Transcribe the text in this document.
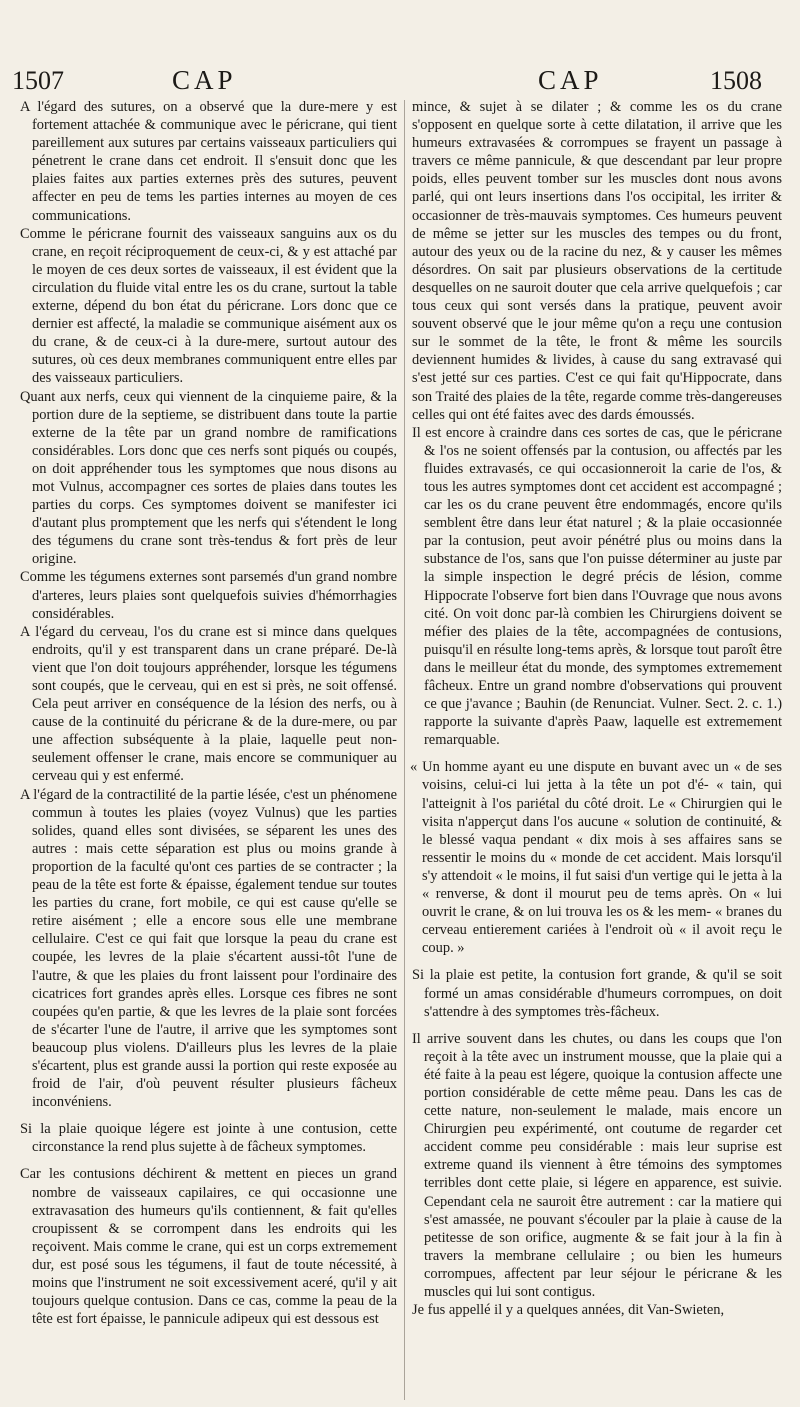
1507	CAP	CAP	1508

A l'égard des sutures, on a observé que la dure-mere y est fortement attachée & communique avec le péricrane, qui tient pareillement aux sutures par certains vaisseaux particuliers qui pénetrent le crane dans cet endroit. Il s'ensuit donc que les plaies faites aux parties externes près des sutures, peuvent affecter en peu de tems les parties internes au moyen de ces communications.

Comme le péricrane fournit des vaisseaux sanguins aux os du crane, en reçoit réciproquement de ceux-ci, & y est attaché par le moyen de ces deux sortes de vaisseaux, il est évident que la circulation du fluide vital entre les os du crane, surtout la table externe, dépend du bon état du péricrane. Lors donc que ce dernier est affecté, la maladie se communique aisément aux os du crane, & de ceux-ci à la dure-mere, surtout autour des sutures, où ces deux membranes communiquent entre elles par des vaisseaux particuliers.

Quant aux nerfs, ceux qui viennent de la cinquieme paire, & la portion dure de la septieme, se distribuent dans toute la partie externe de la tête par un grand nombre de ramifications considérables. Lors donc que ces nerfs sont piqués ou coupés, on doit appréhender tous les symptomes que nous disons au mot Vulnus, accompagner ces sortes de plaies dans toutes les parties du corps. Ces symptomes doivent se manifester ici d'autant plus promptement que les nerfs qui s'étendent le long des tégumens du crane sont très-tendus & fort près de leur origine.

Comme les tégumens externes sont parsemés d'un grand nombre d'arteres, leurs plaies sont quelquefois suivies d'hémorrhagies considérables.

A l'égard du cerveau, l'os du crane est si mince dans quelques endroits, qu'il y est transparent dans un crane préparé. De-là vient que l'on doit toujours appréhender, lorsque les tégumens sont coupés, que le cerveau, qui en est si près, ne soit offensé. Cela peut arriver en conséquence de la lésion des nerfs, ou à cause de la continuité du péricrane & de la dure-mere, ou par une affection subséquente à la plaie, laquelle peut non-seulement offenser le crane, mais encore se communiquer au cerveau qui y est enfermé.

A l'égard de la contractilité de la partie lésée, c'est un phénomene commun à toutes les plaies (voyez Vulnus) que les parties solides, quand elles sont divisées, se séparent les unes des autres : mais cette séparation est plus ou moins grande à proportion de la faculté qu'ont ces parties de se contracter ; la peau de la tête est forte & épaisse, également tendue sur toutes les parties du crane, fort mobile, ce qui est cause qu'elle se retire aisément ; elle a encore sous elle une membrane cellulaire. C'est ce qui fait que lorsque la peau du crane est coupée, les levres de la plaie s'écartent aussi-tôt l'une de l'autre, & que les plaies du front laissent pour l'ordinaire des cicatrices fort grandes après elles. Lorsque ces fibres ne sont coupées qu'en partie, & que les levres de la plaie sont forcées de s'écarter l'une de l'autre, il arrive que les symptomes sont beaucoup plus violens. D'ailleurs plus les levres de la plaie s'écartent, plus est grande aussi la portion qui reste exposée au froid de l'air, d'où peuvent résulter plusieurs fâcheux inconvéniens.

Si la plaie quoique légere est jointe à une contusion, cette circonstance la rend plus sujette à de fâcheux symptomes.

Car les contusions déchirent & mettent en pieces un grand nombre de vaisseaux capilaires, ce qui occasionne une extravasation des humeurs qu'ils contiennent, & fait qu'elles croupissent & se corrompent dans les endroits qui les reçoivent. Mais comme le crane, qui est un corps extremement dur, est posé sous les tégumens, il faut de toute nécessité, à moins que l'instrument ne soit excessivement aceré, qu'il y ait toujours quelque contusion. Dans ce cas, comme la peau de la tête est fort épaisse, le pannicule adipeux qui est dessous est

mince, & sujet à se dilater ; & comme les os du crane s'opposent en quelque sorte à cette dilatation, il arrive que les humeurs extravasées & corrompues se frayent un passage à travers ce même pannicule, & que descendant par leur propre poids, elles peuvent tomber sur les muscles dont nous avons parlé, qui ont leurs insertions dans l'os occipital, les irriter & occasionner de très-mauvais symptomes. Ces humeurs peuvent de même se jetter sur les muscles des tempes ou du front, autour des yeux ou de la racine du nez, & y causer les mêmes désordres. On sait par plusieurs observations de la certitude desquelles on ne sauroit douter que cela arrive quelquefois ; car tous ceux qui sont versés dans la pratique, peuvent avoir souvent observé que le jour même qu'on a reçu une contusion sur le sommet de la tête, le front & même les sourcils deviennent humides & livides, à cause du sang extravasé qui s'est jetté sur ces parties. C'est ce qui fait qu'Hippocrate, dans son Traité des plaies de la tête, regarde comme très-dangereuses celles qui ont été faites avec des dards émoussés.

Il est encore à craindre dans ces sortes de cas, que le péricrane & l'os ne soient offensés par la contusion, ou affectés par les fluides extravasés, ce qui occasionneroit la carie de l'os, & tous les autres symptomes dont cet accident est accompagné ; car les os du crane peuvent être endommagés, encore qu'ils semblent être dans leur état naturel ; & la plaie occasionnée par la contusion, peut avoir pénétré plus ou moins dans la substance de l'os, sans que l'on puisse déterminer au juste par la simple inspection le degré précis de lésion, comme Hippocrate l'observe fort bien dans l'Ouvrage que nous avons cité. On voit donc par-là combien les Chirurgiens doivent se méfier des plaies de la tête, accompagnées de contusions, puisqu'il en résulte long-tems après, & lorsque tout paroît être dans le meilleur état du monde, des symptomes extremement fâcheux. Entre un grand nombre d'observations qui prouvent ce que j'avance ; Bauhin (de Renunciat. Vulner. Sect. 2. c. 1.) rapporte la suivante d'après Paaw, laquelle est extremement remarquable.

« Un homme ayant eu une dispute en buvant avec un « de ses voisins, celui-ci lui jetta à la tête un pot d'é- « tain, qui l'atteignit à l'os pariétal du côté droit. Le « Chirurgien qui le visita n'apperçut dans l'os aucune « solution de continuité, & le blessé vaqua pendant « dix mois à ses affaires sans se ressentir le moins du « monde de cet accident. Mais lorsqu'il s'y attendoit « le moins, il fut saisi d'un vertige qui le jetta à la « renverse, & dont il mourut peu de tems après. On « lui ouvrit le crane, & on lui trouva les os & les mem- « branes du cerveau entierement cariées à l'endroit où « il avoit reçu le coup. »

Si la plaie est petite, la contusion fort grande, & qu'il se soit formé un amas considérable d'humeurs corrompues, on doit s'attendre à des symptomes très-fâcheux.

Il arrive souvent dans les chutes, ou dans les coups que l'on reçoit à la tête avec un instrument mousse, que la plaie qui a été faite à la peau est légere, quoique la contusion affecte une portion considérable de cette même peau. Dans les cas de cette nature, non-seulement le malade, mais encore un Chirurgien peu expérimenté, ont coutume de regarder cet accident comme peu considérable : mais leur suprise est extreme quand ils viennent à être témoins des symptomes terribles dont cette plaie, si légere en apparence, est suivie. Cependant cela ne sauroit être autrement : car la matiere qui s'est amassée, ne pouvant s'écouler par la plaie à cause de la petitesse de son orifice, augmente & se fait jour à la fin à travers la membrane cellulaire ; ou bien les humeurs corrompues, affectent par leur séjour le péricrane & les muscles qui lui sont contigus.

Je fus appellé il y a quelques années, dit Van-Swieten,
